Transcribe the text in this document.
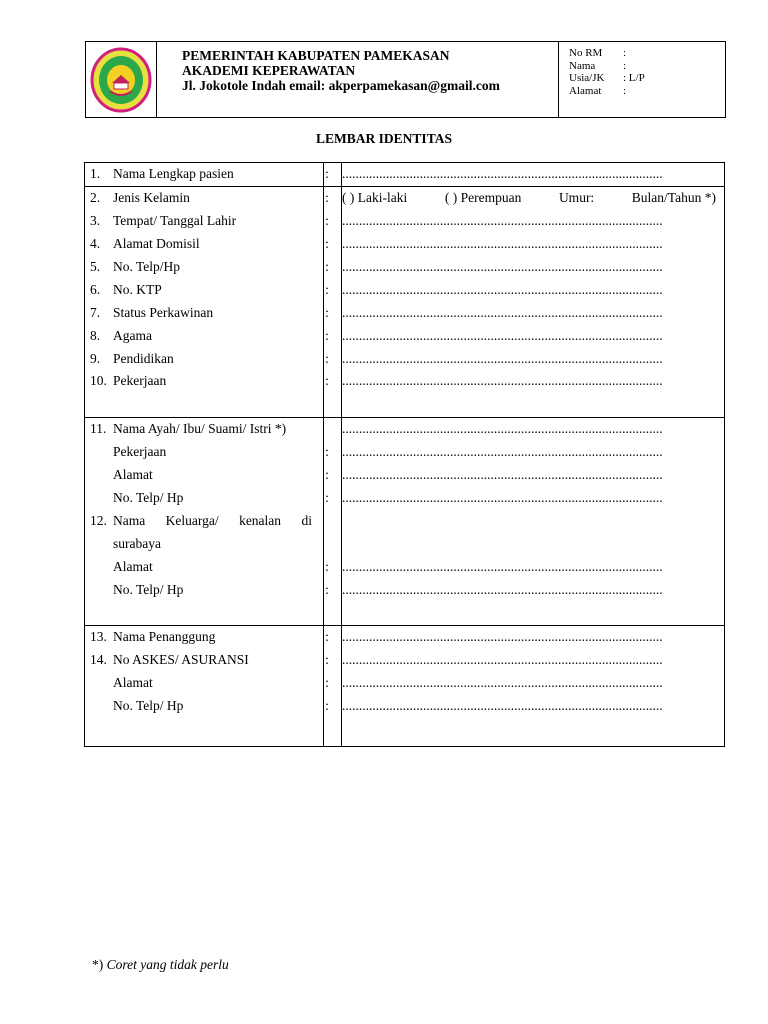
PEMERINTAH KABUPATEN PAMEKASAN
AKADEMI KEPERAWATAN
Jl. Jokotole Indah email: akperpamekasan@gmail.com
No RM	:
Nama	:
Usia/JK	: L/P
Alamat	:
LEMBAR IDENTITAS
1. Nama Lengkap pasien	: ...............................................................................................
2. Jenis Kelamin	: ( ) Laki-laki	( ) Perempuan	Umur:	Bulan/Tahun *)
3. Tempat/ Tanggal Lahir	: ...............................................................................................
4. Alamat Domisil	: ...............................................................................................
5. No. Telp/Hp	: ...............................................................................................
6. No. KTP	: ...............................................................................................
7. Status Perkawinan	: ...............................................................................................
8. Agama	: ...............................................................................................
9. Pendidikan	: ...............................................................................................
10. Pekerjaan	: ...............................................................................................
11. Nama Ayah/ Ibu/ Suami/ Istri *)	...............................................................................................
Pekerjaan	: ...............................................................................................
Alamat	: ...............................................................................................
No. Telp/ Hp	: ...............................................................................................
12. Nama Keluarga/ kenalan di
surabaya
Alamat	: ...............................................................................................
No. Telp/ Hp	: ...............................................................................................
13. Nama Penanggung	: ...............................................................................................
14. No ASKES/ ASURANSI	: ...............................................................................................
Alamat	: ...............................................................................................
No. Telp/ Hp	: ...............................................................................................
*) Coret yang tidak perlu
